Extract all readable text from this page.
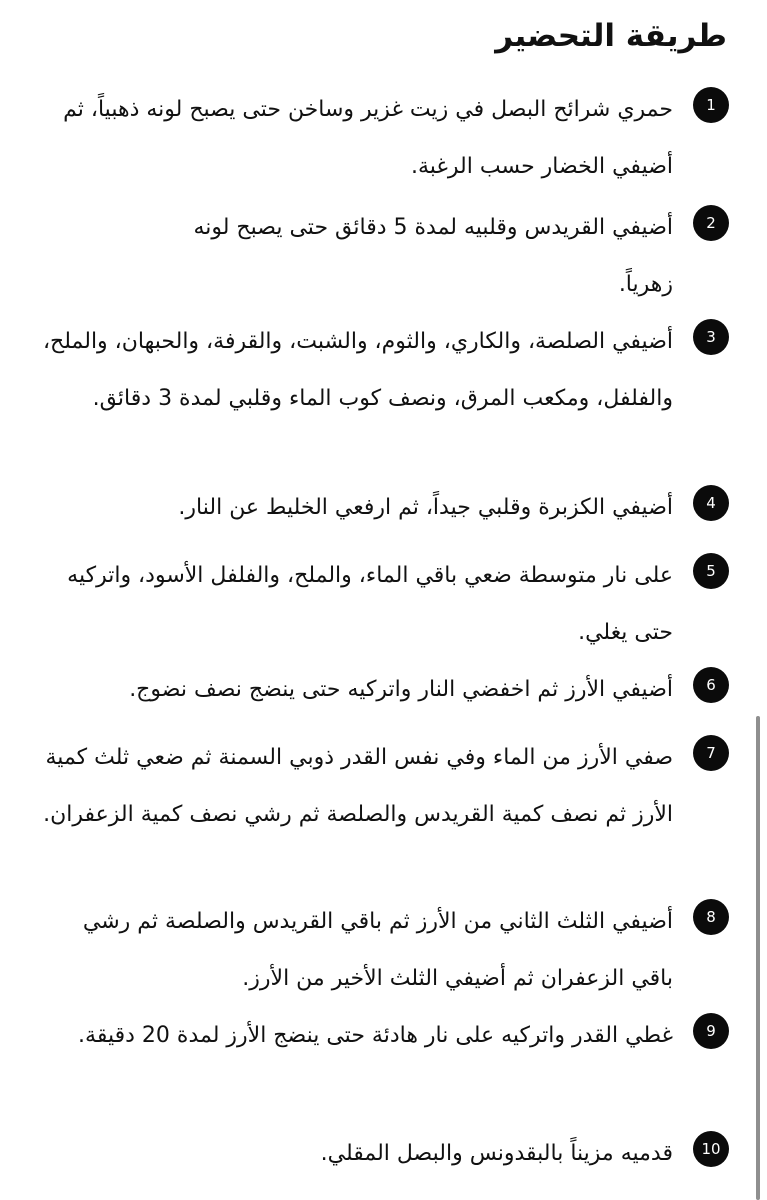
طريقة التحضير
1

حمري شرائح البصل في زيت غزير وساخن حتى يصبح لونه ذهبياً، ثم أضيفي الخضار حسب الرغبة.

2

أضيفي القريدس وقلبيه لمدة 5 دقائق حتى يصبح لونه زهرياً.

3

أضيفي الصلصة، والكاري، والثوم، والشبت، والقرفة، والحبهان، والملح، والفلفل، ومكعب المرق، ونصف كوب الماء وقلبي لمدة 3 دقائق.

4

أضيفي الكزبرة وقلبي جيداً، ثم ارفعي الخليط عن النار.

5

على نار متوسطة ضعي باقي الماء، والملح، والفلفل الأسود، واتركيه حتى يغلي.

6

أضيفي الأرز ثم اخفضي النار واتركيه حتى ينضج نصف نضوج.

7

صفي الأرز من الماء وفي نفس القدر ذوبي السمنة ثم ضعي ثلث كمية الأرز ثم نصف كمية القريدس والصلصة ثم رشي نصف كمية الزعفران.

8

أضيفي الثلث الثاني من الأرز ثم باقي القريدس والصلصة ثم رشي باقي الزعفران ثم أضيفي الثلث الأخير من الأرز.

9

غطي القدر واتركيه على نار هادئة حتى ينضج الأرز لمدة 20 دقيقة.

10

قدميه مزيناً بالبقدونس والبصل المقلي.
